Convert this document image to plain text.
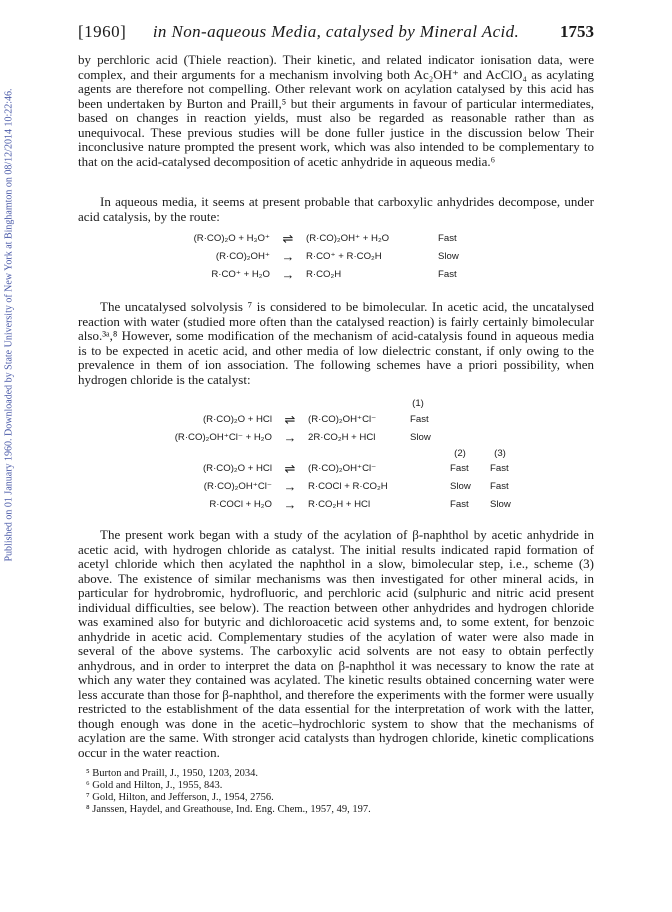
Published on 01 January 1960. Downloaded by State University of New York at Binghamton on 08/12/2014 10:22:46.
[1960]	in Non-aqueous Media, catalysed by Mineral Acid.	1753

by perchloric acid (Thiele reaction). Their kinetic, and related indicator ionisation data, were complex, and their arguments for a mechanism involving both Ac₂OH⁺ and AcClO₄ as acylating agents are therefore not compelling. Other relevant work on acylation catalysed by this acid has been undertaken by Burton and Praill,⁵ but their arguments in favour of particular intermediates, based on changes in reaction yields, must also be regarded as reasonable rather than as unequivocal. These previous studies will be done fuller justice in the discussion below Their inconclusive nature prompted the present work, which was also intended to be complementary to that on the acid-catalysed decomposition of acetic anhydride in aqueous media.⁶

In aqueous media, it seems at present probable that carboxylic anhydrides decompose, under acid catalysis, by the route:

(R·CO)₂O + H₃O⁺ ⇌	(R·CO)₂OH⁺ + H₂O	Fast
(R·CO)₂OH⁺ →	R·CO⁺ + R·CO₂H	Slow
R·CO⁺ + H₂O →	R·CO₂H	Fast

The uncatalysed solvolysis ⁷ is considered to be bimolecular. In acetic acid, the uncatalysed reaction with water (studied more often than the catalysed reaction) is fairly certainly bimolecular also.³ᵃ,⁸ However, some modification of the mechanism of acid-catalysis found in aqueous media is to be expected in acetic acid, and other media of low dielectric constant, if only owing to the prevalence in them of ion association. The following schemes have a priori possibility, when hydrogen chloride is the catalyst:

(1)
(R·CO)₂O + HCl ⇌	(R·CO)₂OH⁺Cl⁻	Fast
(R·CO)₂OH⁺Cl⁻ + H₂O →	2R·CO₂H + HCl	Slow
(2)	(3)
(R·CO)₂O + HCl ⇌	(R·CO)₂OH⁺Cl⁻	Fast Fast
(R·CO)₂OH⁺Cl⁻ →	R·COCl + R·CO₂H	Slow Fast
R·COCl + H₂O →	R·CO₂H + HCl	Fast Slow

The present work began with a study of the acylation of β-naphthol by acetic anhydride in acetic acid, with hydrogen chloride as catalyst. The initial results indicated rapid formation of acetyl chloride which then acylated the naphthol in a slow, bimolecular step, i.e., scheme (3) above. The existence of similar mechanisms was then investigated for other mineral acids, in particular for hydrobromic, hydrofluoric, and perchloric acid (sulphuric and nitric acid present individual difficulties, see below). The reaction between other anhydrides and hydrogen chloride was examined also for butyric and dichloroacetic acid systems and, to some extent, for benzoic anhydride in acetic acid. Complementary studies of the acylation of water were also made in several of the above systems. The carboxylic acid solvents are not easy to obtain perfectly anhydrous, and in order to interpret the data on β-naphthol it was necessary to know the rate at which any water they contained was acylated. The kinetic results obtained concerning water were less accurate than those for β-naphthol, and therefore the experiments with the former were usually restricted to the establishment of the data essential for the interpretation of work with the latter, though enough was done in the acetic–hydrochloric system to show that the mechanisms of acylation are the same. With stronger acid catalysts than hydrogen chloride, kinetic complications occur in the water reaction.

⁵ Burton and Praill, J., 1950, 1203, 2034.
⁶ Gold and Hilton, J., 1955, 843.
⁷ Gold, Hilton, and Jefferson, J., 1954, 2756.
⁸ Janssen, Haydel, and Greathouse, Ind. Eng. Chem., 1957, 49, 197.
